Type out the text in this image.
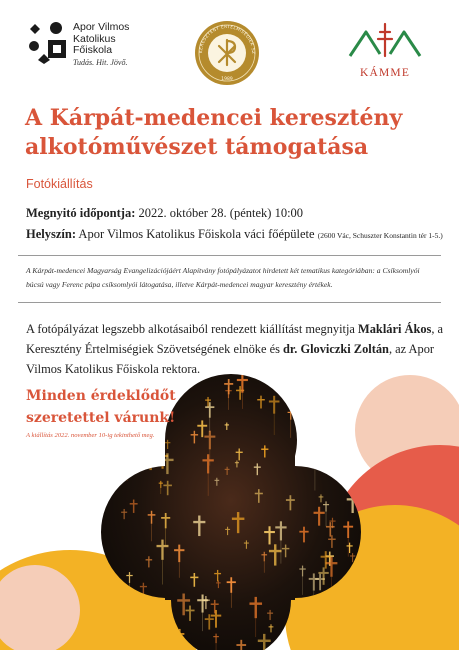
Apor Vilmos
Katolikus Főiskola
Tudás. Hit. Jövő.
KERESZTÉNY ÉRTELMISÉGIEK SZ
1989
KÁMME
A Kárpát-medencei keresztény alkotóművészet támogatása
Fotókiállítás
Megnyitó időpontja: 2022. október 28. (péntek) 10:00
Helyszín: Apor Vilmos Katolikus Főiskola váci főépülete (2600 Vác, Schuszter Konstantin tér 1-5.)

A Kárpát-medencei Magyarság Evangelizációjáért Alapítvány fotópályázatot hirdetett két tematikus kategóriában: a Csíksomlyói búcsú vagy Ferenc pápa csíksomlyói látogatása, illetve Kárpát-medencei magyar keresztény értékek.

A fotópályázat legszebb alkotásaiból rendezett kiállítást megnyitja Maklári Ákos, a Keresztény Értelmiségiek Szövetségének elnöke és dr. Gloviczki Zoltán, az Apor Vilmos Katolikus Főiskola rektora.

Minden érdeklődőt
szeretettel várunk!
A kiállítás 2022. november 10-ig tekinthető meg.
